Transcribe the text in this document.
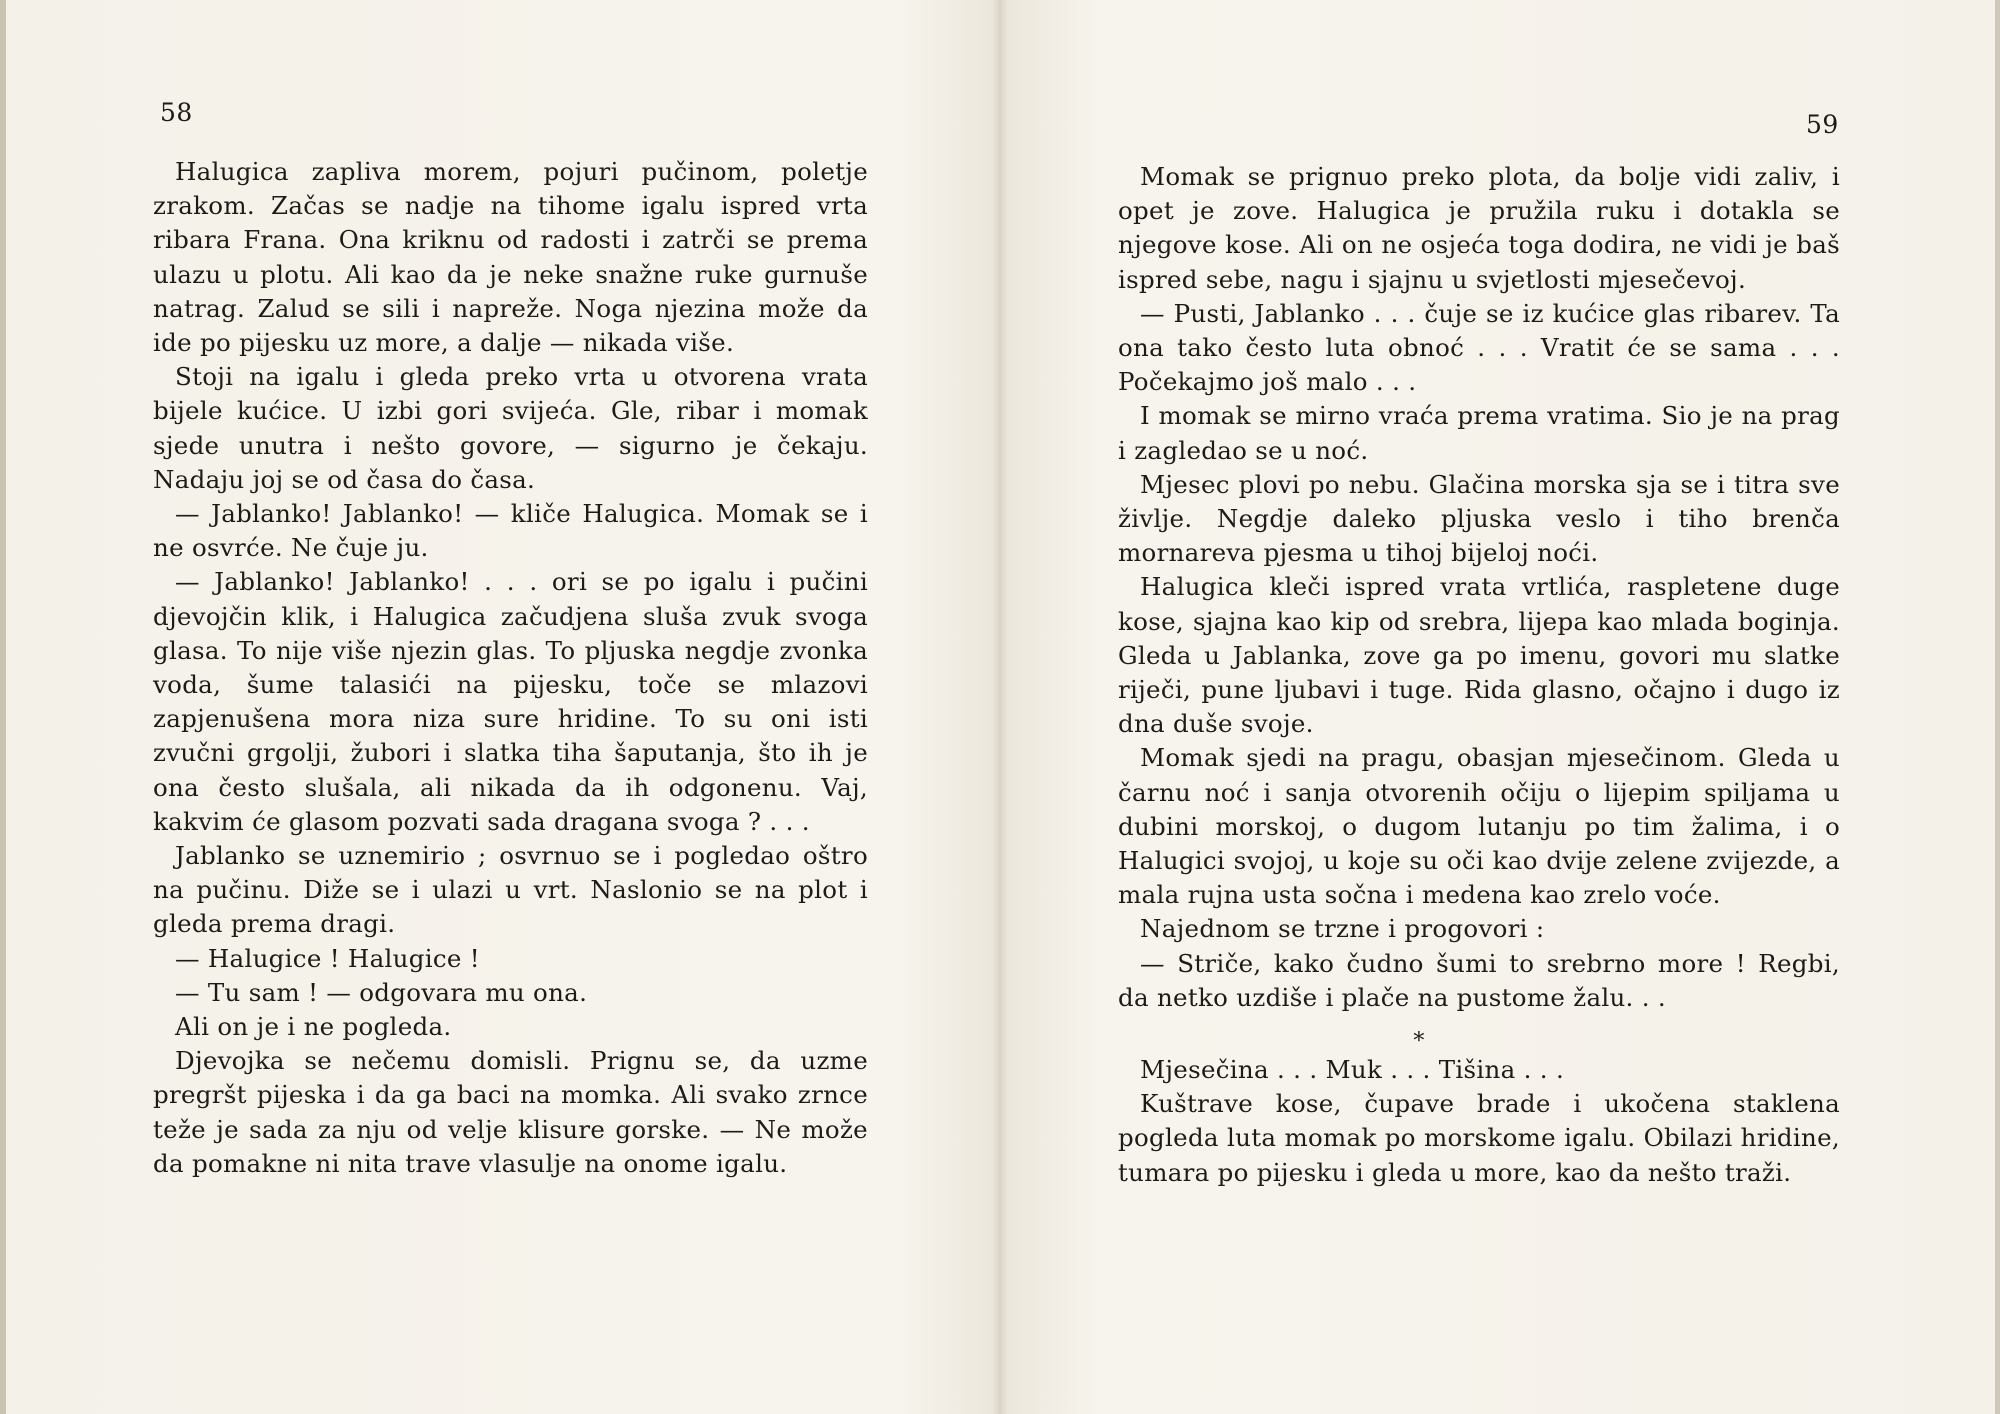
58

Halugica zapliva morem, pojuri pučinom, poletje zrakom. Začas se nadje na tihome igalu ispred vrta ribara Frana. Ona kriknu od radosti i zatrči se prema ulazu u plotu. Ali kao da je neke snažne ruke gurnuše natrag. Zalud se sili i napreže. Noga njezina može da ide po pijesku uz more, a dalje — nikada više.

Stoji na igalu i gleda preko vrta u otvorena vrata bijele kućice. U izbi gori svijeća. Gle, ribar i momak sjede unutra i nešto govore, — sigurno je čekaju. Nadaju joj se od časa do časa.

— Jablanko! Jablanko! — kliče Halugica. Momak se i ne osvrće. Ne čuje ju.

— Jablanko! Jablanko! . . . ori se po igalu i pučini djevojčin klik, i Halugica začudjena sluša zvuk svoga glasa. To nije više njezin glas. To pljuska negdje zvonka voda, šume talasići na pijesku, toče se mlazovi zapjenušena mora niza sure hridine. To su oni isti zvučni grgolji, žubori i slatka tiha šaputanja, što ih je ona često slušala, ali nikada da ih odgonenu. Vaj, kakvim će glasom pozvati sada dragana svoga ? . . .

Jablanko se uznemirio ; osvrnuo se i pogledao oštro na pučinu. Diže se i ulazi u vrt. Naslonio se na plot i gleda prema dragi.

— Halugice ! Halugice !

— Tu sam ! — odgovara mu ona.

Ali on je i ne pogleda.

Djevojka se nečemu domisli. Prignu se, da uzme pregršt pijeska i da ga baci na momka. Ali svako zrnce teže je sada za nju od velje klisure gorske. — Ne može da pomakne ni nita trave vlasulje na onome igalu.

59

Momak se prignuo preko plota, da bolje vidi zaliv, i opet je zove. Halugica je pružila ruku i dotakla se njegove kose. Ali on ne osjeća toga dodira, ne vidi je baš ispred sebe, nagu i sjajnu u svjetlosti mjesečevoj.

— Pusti, Jablanko . . . čuje se iz kućice glas ribarev. Ta ona tako često luta obnoć . . . Vratit će se sama . . . Počekajmo još malo . . .

I momak se mirno vraća prema vratima. Sio je na prag i zagledao se u noć.

Mjesec plovi po nebu. Glačina morska sja se i titra sve življe. Negdje daleko pljuska veslo i tiho brenča mornareva pjesma u tihoj bijeloj noći.

Halugica kleči ispred vrata vrtlića, raspletene duge kose, sjajna kao kip od srebra, lijepa kao mlada boginja. Gleda u Jablanka, zove ga po imenu, govori mu slatke riječi, pune ljubavi i tuge. Rida glasno, očajno i dugo iz dna duše svoje.

Momak sjedi na pragu, obasjan mjesečinom. Gleda u čarnu noć i sanja otvorenih očiju o lijepim spiljama u dubini morskoj, o dugom lutanju po tim žalima, i o Halugici svojoj, u koje su oči kao dvije zelene zvijezde, a mala rujna usta sočna i medena kao zrelo voće.

Najednom se trzne i progovori :

— Striče, kako čudno šumi to srebrno more ! Regbi, da netko uzdiše i plače na pustome žalu. . .

*

Mjesečina . . . Muk . . . Tišina . . .

Kuštrave kose, čupave brade i ukočena staklena pogleda luta momak po morskome igalu. Obilazi hridine, tumara po pijesku i gleda u more, kao da nešto traži.
